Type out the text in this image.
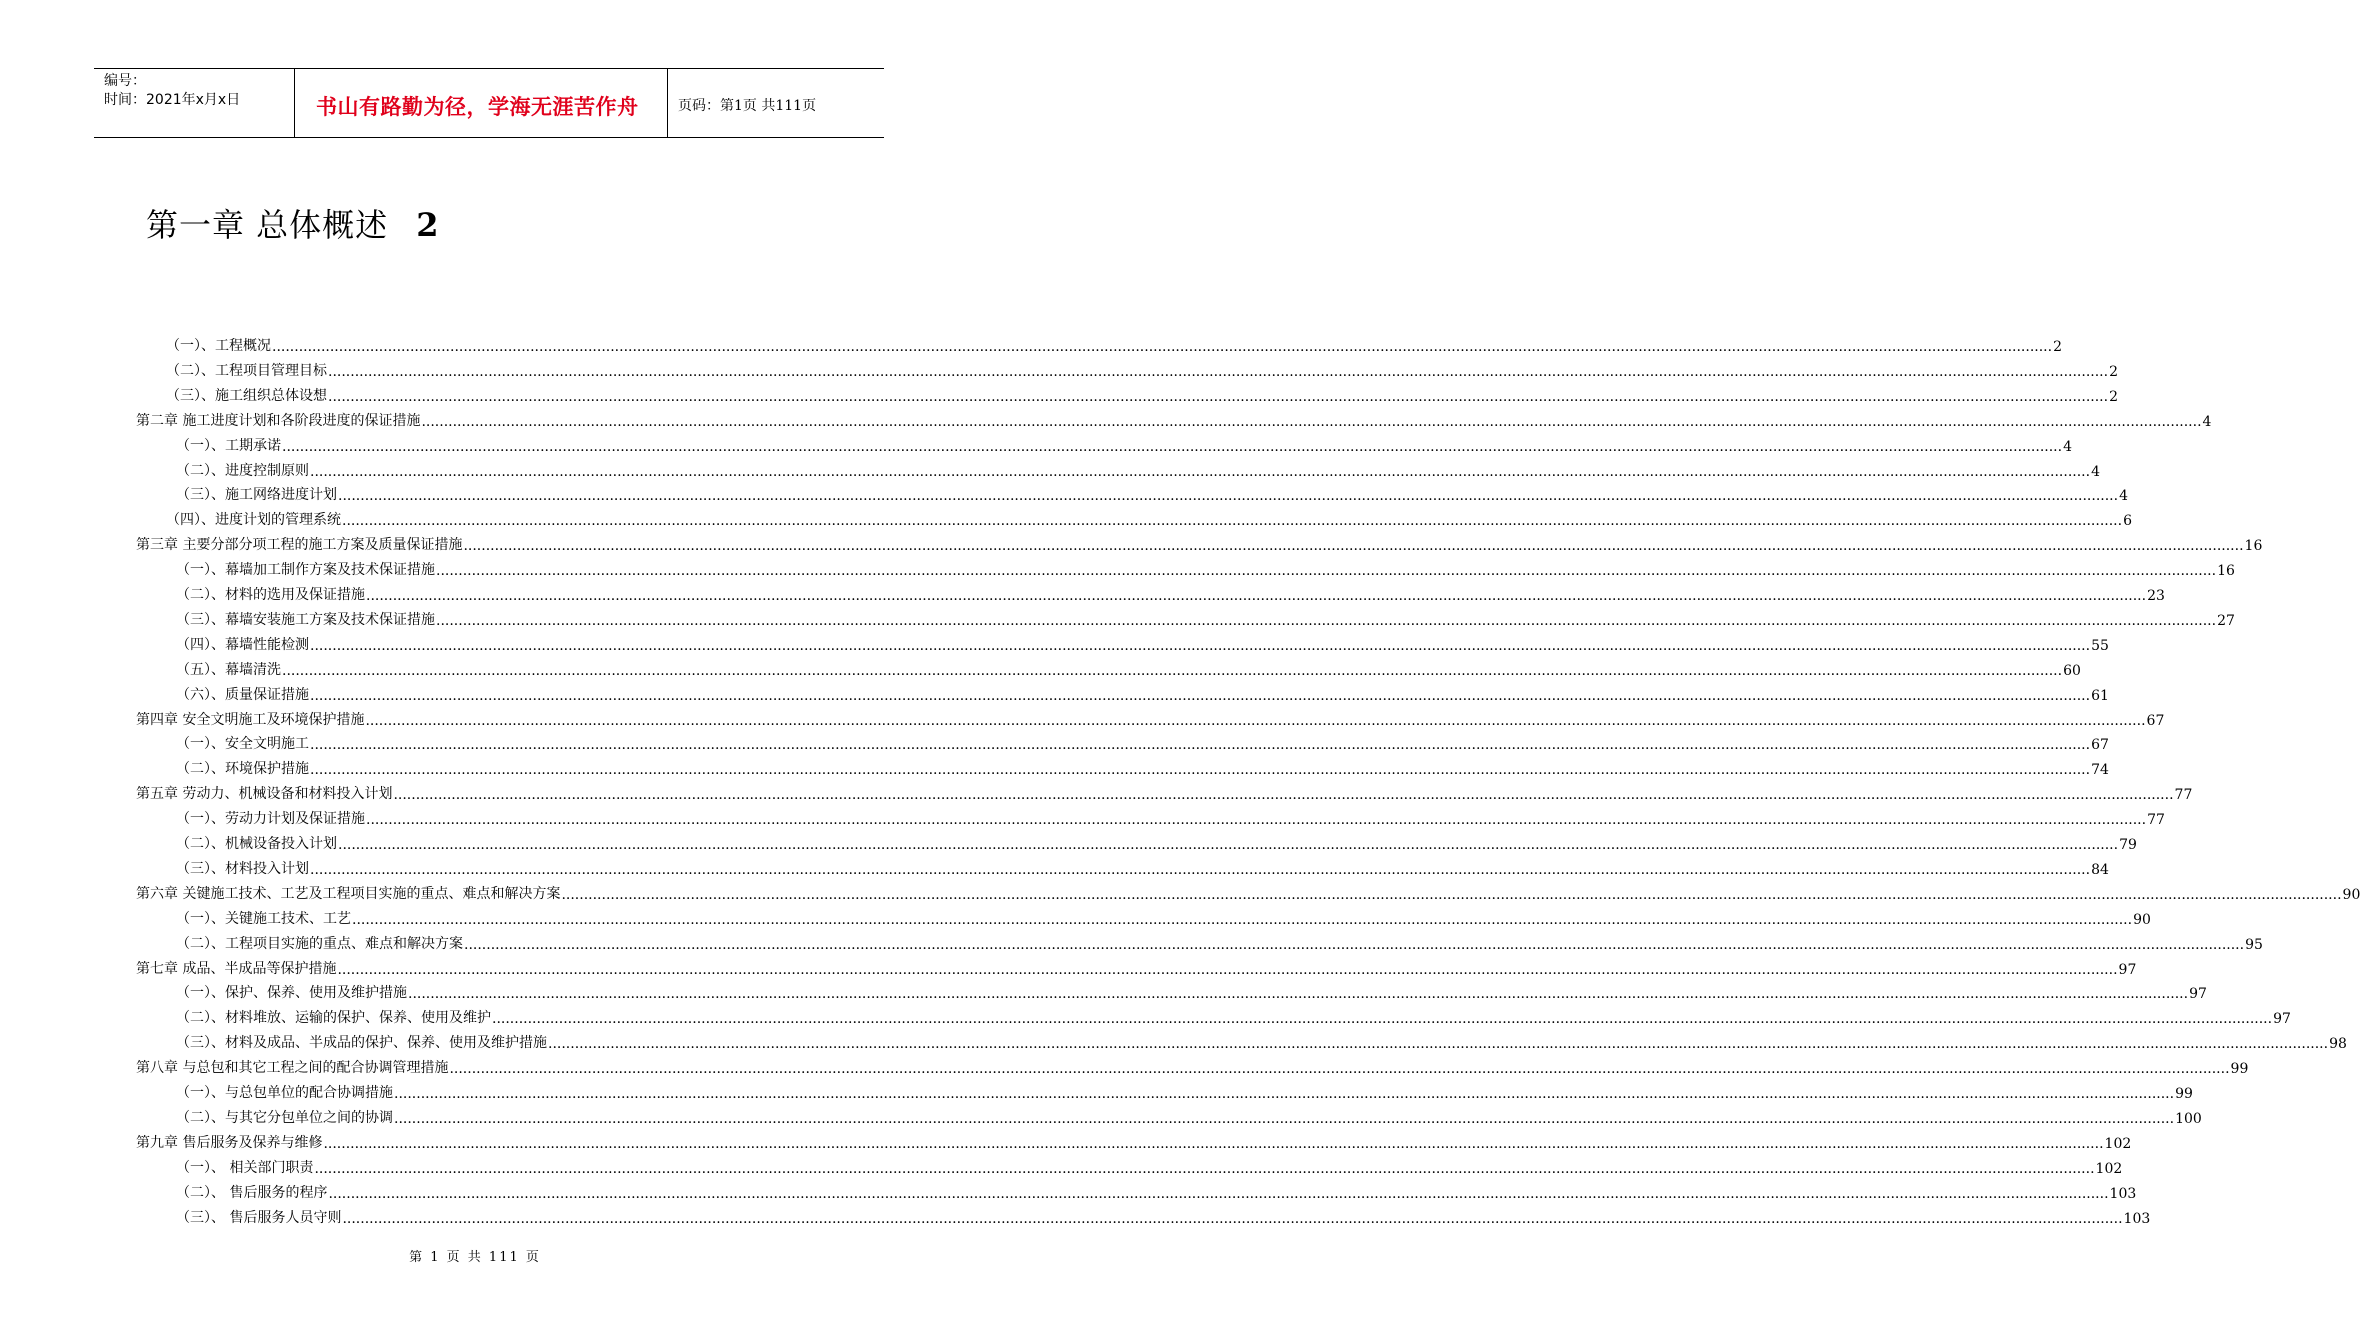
编号：
时间：2021年x月x日	书山有路勤为径，学海无涯苦作舟	页码：第1页 共111页
第一章 总体概述 2
（一）、工程概况 ................................................................................................................................................................................................................................................................................................................................................................................................................ 2
（二）、工程项目管理目标 ................................................................................................................................................................................................................................................................................................................................................................................................................ 2
（三）、施工组织总体设想 ................................................................................................................................................................................................................................................................................................................................................................................................................ 2
第二章 施工进度计划和各阶段进度的保证措施 ................................................................................................................................................................................................................................................................................................................................................................................................................ 4
（一）、工期承诺 ................................................................................................................................................................................................................................................................................................................................................................................................................ 4
（二）、进度控制原则 ................................................................................................................................................................................................................................................................................................................................................................................................................ 4
（三）、施工网络进度计划 ................................................................................................................................................................................................................................................................................................................................................................................................................ 4
（四）、进度计划的管理系统 ................................................................................................................................................................................................................................................................................................................................................................................................................ 6
第三章 主要分部分项工程的施工方案及质量保证措施 ................................................................................................................................................................................................................................................................................................................................................................................................................ 16
（一）、幕墙加工制作方案及技术保证措施 ................................................................................................................................................................................................................................................................................................................................................................................................................ 16
（二）、材料的选用及保证措施 ................................................................................................................................................................................................................................................................................................................................................................................................................ 23
（三）、幕墙安装施工方案及技术保证措施 ................................................................................................................................................................................................................................................................................................................................................................................................................ 27
（四）、幕墙性能检测 ................................................................................................................................................................................................................................................................................................................................................................................................................ 55
（五）、幕墙清洗 ................................................................................................................................................................................................................................................................................................................................................................................................................ 60
（六）、质量保证措施 ................................................................................................................................................................................................................................................................................................................................................................................................................ 61
第四章 安全文明施工及环境保护措施 ................................................................................................................................................................................................................................................................................................................................................................................................................ 67
（一）、安全文明施工 ................................................................................................................................................................................................................................................................................................................................................................................................................ 67
（二）、环境保护措施 ................................................................................................................................................................................................................................................................................................................................................................................................................ 74
第五章 劳动力、机械设备和材料投入计划 ................................................................................................................................................................................................................................................................................................................................................................................................................ 77
（一）、劳动力计划及保证措施 ................................................................................................................................................................................................................................................................................................................................................................................................................ 77
（二）、机械设备投入计划 ................................................................................................................................................................................................................................................................................................................................................................................................................ 79
（三）、材料投入计划 ................................................................................................................................................................................................................................................................................................................................................................................................................ 84
第六章 关键施工技术、工艺及工程项目实施的重点、难点和解决方案 ................................................................................................................................................................................................................................................................................................................................................................................................................ 90
（一）、关键施工技术、工艺 ................................................................................................................................................................................................................................................................................................................................................................................................................ 90
（二）、工程项目实施的重点、难点和解决方案 ................................................................................................................................................................................................................................................................................................................................................................................................................ 95
第七章 成品、半成品等保护措施 ................................................................................................................................................................................................................................................................................................................................................................................................................ 97
（一）、保护、保养、使用及维护措施 ................................................................................................................................................................................................................................................................................................................................................................................................................ 97
（二）、材料堆放、运输的保护、保养、使用及维护 ................................................................................................................................................................................................................................................................................................................................................................................................................ 97
（三）、材料及成品、半成品的保护、保养、使用及维护措施 ................................................................................................................................................................................................................................................................................................................................................................................................................ 98
第八章 与总包和其它工程之间的配合协调管理措施 ................................................................................................................................................................................................................................................................................................................................................................................................................ 99
（一）、与总包单位的配合协调措施 ................................................................................................................................................................................................................................................................................................................................................................................................................ 99
（二）、与其它分包单位之间的协调 ................................................................................................................................................................................................................................................................................................................................................................................................................ 100
第九章 售后服务及保养与维修 ................................................................................................................................................................................................................................................................................................................................................................................................................ 102
（一）、 相关部门职责 ................................................................................................................................................................................................................................................................................................................................................................................................................ 102
（二）、 售后服务的程序 ................................................................................................................................................................................................................................................................................................................................................................................................................ 103
（三）、 售后服务人员守则 ................................................................................................................................................................................................................................................................................................................................................................................................................ 103
第 1 页 共 111 页
